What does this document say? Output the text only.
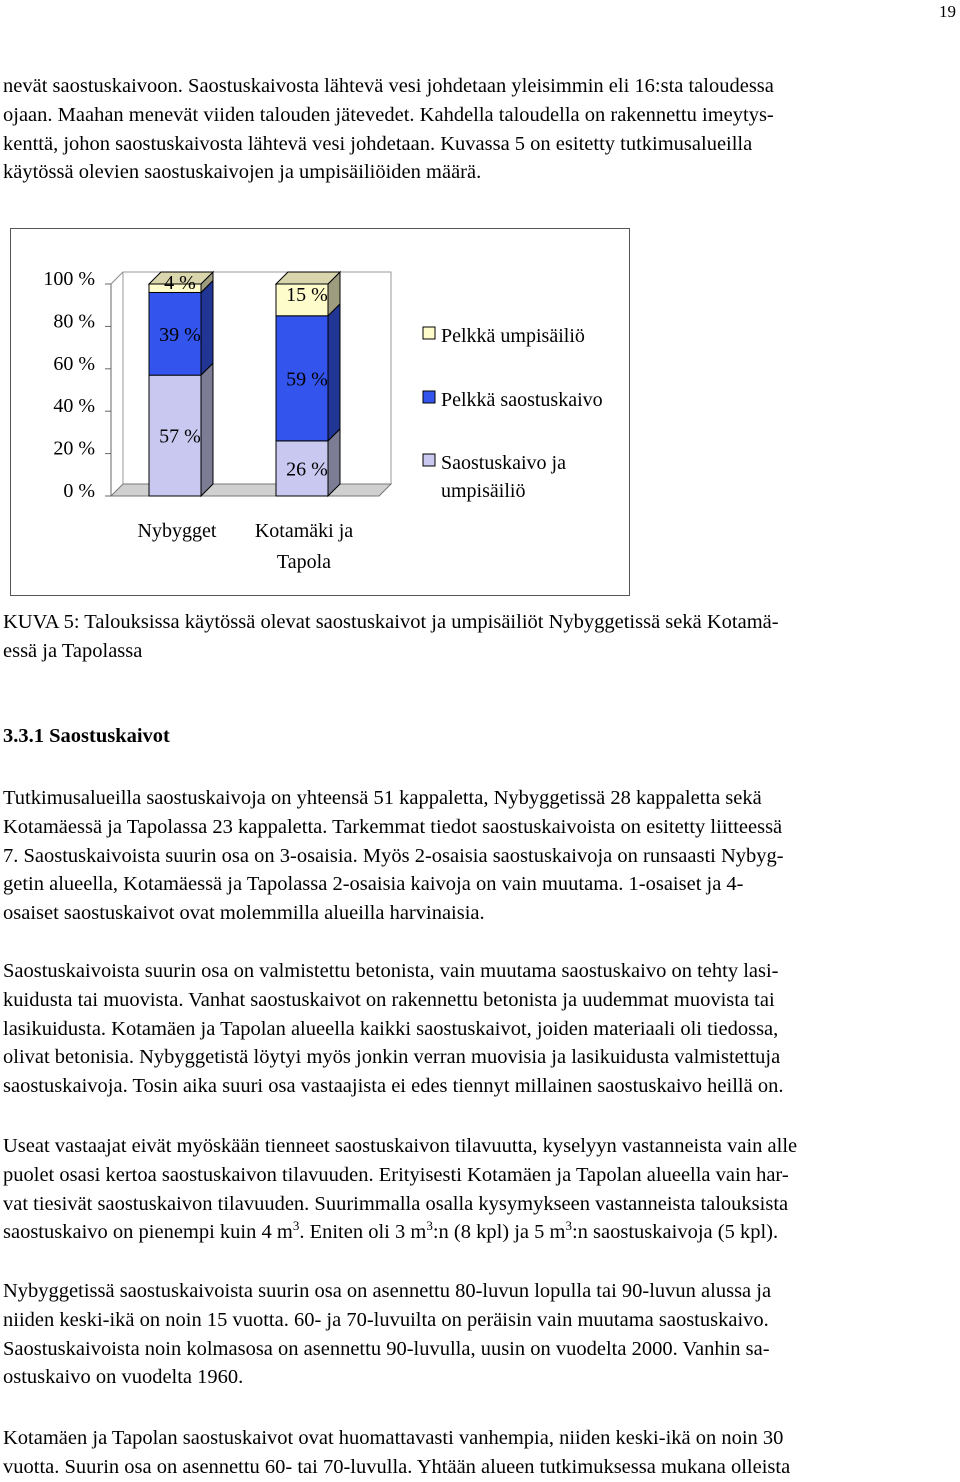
19

nevät saostuskaivoon. Saostuskaivosta lähtevä vesi johdetaan yleisimmin eli 16:sta taloudessa

ojaan. Maahan menevät viiden talouden jätevedet. Kahdella taloudella on rakennettu imeytys-

kenttä, johon saostuskaivosta lähtevä vesi johdetaan. Kuvassa 5 on esitetty tutkimusalueilla

käytössä olevien saostuskaivojen ja umpisäiliöiden määrä.

0 %
20 %
40 %
60 %
80 %
100 %
57 %
39 %
4 %
Nybygget
26 %
59 %
15 %
Kotamäki ja
Tapola
Pelkkä umpisäiliö
Pelkkä saostuskaivo
Saostuskaivo ja
umpisäiliö

KUVA 5: Talouksissa käytössä olevat saostuskaivot ja umpisäiliöt Nybyggetissä sekä Kotamä-

essä ja Tapolassa

3.3.1 Saostuskaivot

Tutkimusalueilla saostuskaivoja on yhteensä 51 kappaletta, Nybyggetissä 28 kappaletta sekä

Kotamäessä ja Tapolassa 23 kappaletta. Tarkemmat tiedot saostuskaivoista on esitetty liitteessä

7. Saostuskaivoista suurin osa on 3-osaisia. Myös 2-osaisia saostuskaivoja on runsaasti Nybyg-

getin alueella, Kotamäessä ja Tapolassa 2-osaisia kaivoja on vain muutama. 1-osaiset ja 4-

osaiset saostuskaivot ovat molemmilla alueilla harvinaisia.

Saostuskaivoista suurin osa on valmistettu betonista, vain muutama saostuskaivo on tehty lasi-

kuidusta tai muovista. Vanhat saostuskaivot on rakennettu betonista ja uudemmat muovista tai

lasikuidusta. Kotamäen ja Tapolan alueella kaikki saostuskaivot, joiden materiaali oli tiedossa,

olivat betonisia. Nybyggetistä löytyi myös jonkin verran muovisia ja lasikuidusta valmistettuja

saostuskaivoja. Tosin aika suuri osa vastaajista ei edes tiennyt millainen saostuskaivo heillä on.

Useat vastaajat eivät myöskään tienneet saostuskaivon tilavuutta, kyselyyn vastanneista vain alle

puolet osasi kertoa saostuskaivon tilavuuden. Erityisesti Kotamäen ja Tapolan alueella vain har-

vat tiesivät saostuskaivon tilavuuden. Suurimmalla osalla kysymykseen vastanneista talouksista

saostuskaivo on pienempi kuin 4 $m^3$. Eniten oli 3 $m^3:n$ (8 kpl) ja 5 $m^3:n$ saostuskaivoja (5 kpl).

Nybyggetissä saostuskaivoista suurin osa on asennettu 80-luvun lopulla tai 90-luvun alussa ja

niiden keski-ikä on noin 15 vuotta. 60- ja 70-luvuilta on peräisin vain muutama saostuskaivo.

Saostuskaivoista noin kolmasosa on asennettu 90-luvulla, uusin on vuodelta 2000. Vanhin sa-

ostuskaivo on vuodelta 1960.

Kotamäen ja Tapolan saostuskaivot ovat huomattavasti vanhempia, niiden keski-ikä on noin 30

vuotta. Suurin osa on asennettu 60- tai 70-luvulla. Yhtään alueen tutkimuksessa mukana olleista
